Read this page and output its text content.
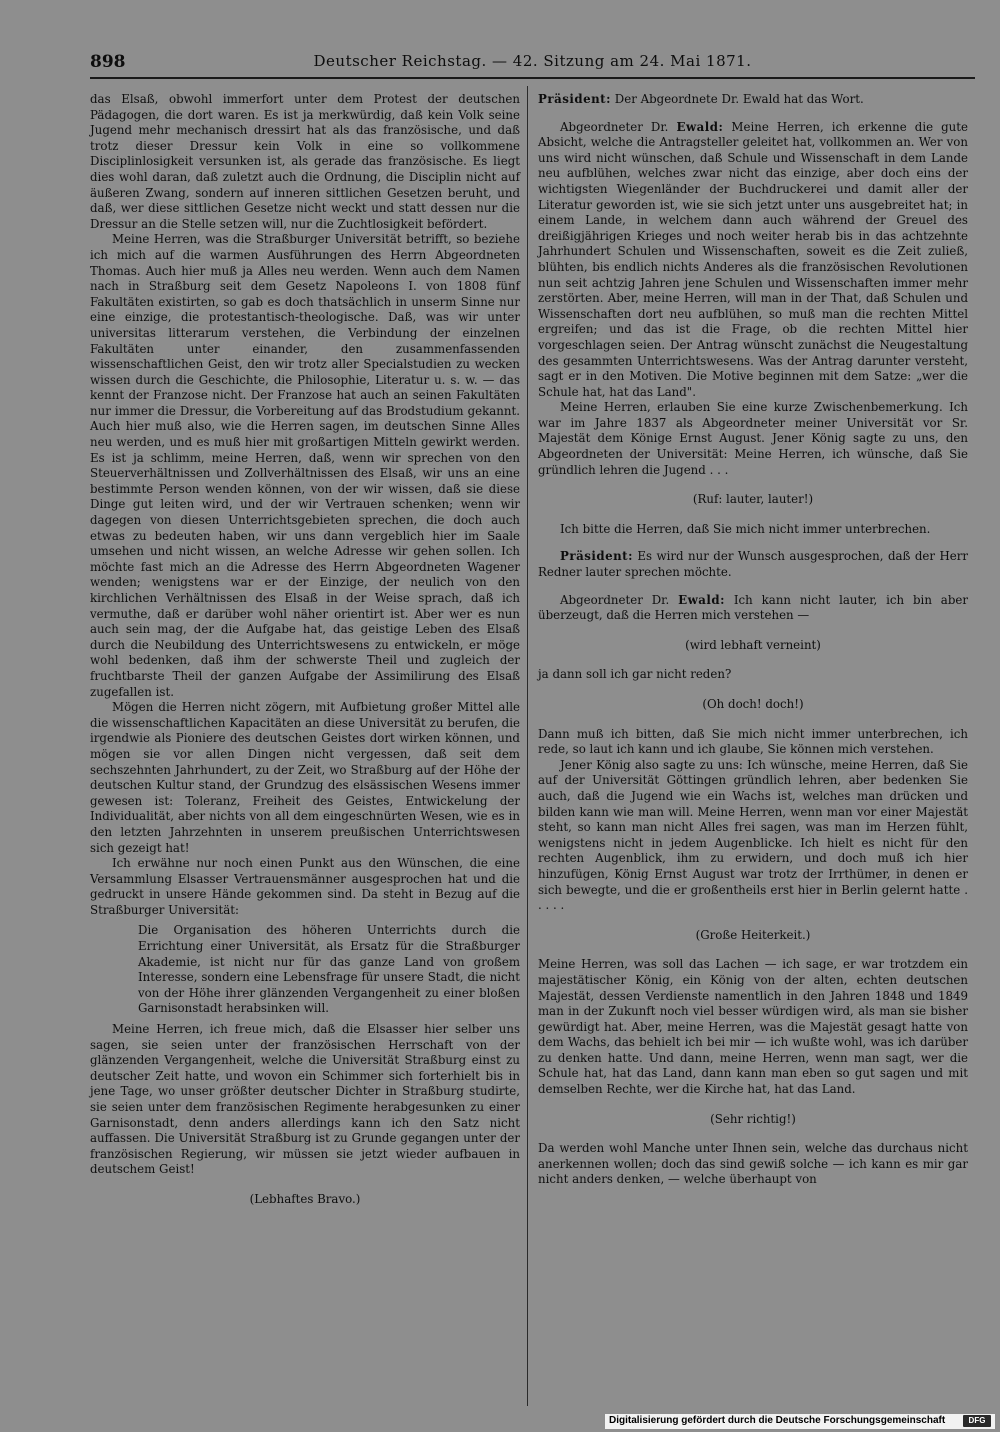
898	Deutscher Reichstag. — 42. Sitzung am 24. Mai 1871.

das Elsaß, obwohl immerfort unter dem Protest der deutschen Pädagogen, die dort waren. Es ist ja merkwürdig, daß kein Volk seine Jugend mehr mechanisch dressirt hat als das französische, und daß trotz dieser Dressur kein Volk in eine so vollkommene Disciplinlosigkeit versunken ist, als gerade das französische. Es liegt dies wohl daran, daß zuletzt auch die Ordnung, die Disciplin nicht auf äußeren Zwang, sondern auf inneren sittlichen Gesetzen beruht, und daß, wer diese sittlichen Gesetze nicht weckt und statt dessen nur die Dressur an die Stelle setzen will, nur die Zuchtlosigkeit befördert.

Meine Herren, was die Straßburger Universität betrifft, so beziehe ich mich auf die warmen Ausführungen des Herrn Abgeordneten Thomas. Auch hier muß ja Alles neu werden. Wenn auch dem Namen nach in Straßburg seit dem Gesetz Napoleons I. von 1808 fünf Fakultäten existirten, so gab es doch thatsächlich in unserm Sinne nur eine einzige, die protestantisch-theologische. Daß, was wir unter universitas litterarum verstehen, die Verbindung der einzelnen Fakultäten unter einander, den zusammenfassenden wissenschaftlichen Geist, den wir trotz aller Specialstudien zu wecken wissen durch die Geschichte, die Philosophie, Literatur u. s. w. — das kennt der Franzose nicht. Der Franzose hat auch an seinen Fakultäten nur immer die Dressur, die Vorbereitung auf das Brodstudium gekannt. Auch hier muß also, wie die Herren sagen, im deutschen Sinne Alles neu werden, und es muß hier mit großartigen Mitteln gewirkt werden. Es ist ja schlimm, meine Herren, daß, wenn wir sprechen von den Steuerverhältnissen und Zollverhältnissen des Elsaß, wir uns an eine bestimmte Person wenden können, von der wir wissen, daß sie diese Dinge gut leiten wird, und der wir Vertrauen schenken; wenn wir dagegen von diesen Unterrichtsgebieten sprechen, die doch auch etwas zu bedeuten haben, wir uns dann vergeblich hier im Saale umsehen und nicht wissen, an welche Adresse wir gehen sollen. Ich möchte fast mich an die Adresse des Herrn Abgeordneten Wagener wenden; wenigstens war er der Einzige, der neulich von den kirchlichen Verhältnissen des Elsaß in der Weise sprach, daß ich vermuthe, daß er darüber wohl näher orientirt ist. Aber wer es nun auch sein mag, der die Aufgabe hat, das geistige Leben des Elsaß durch die Neubildung des Unterrichtswesens zu entwickeln, er möge wohl bedenken, daß ihm der schwerste Theil und zugleich der fruchtbarste Theil der ganzen Aufgabe der Assimilirung des Elsaß zugefallen ist.

Mögen die Herren nicht zögern, mit Aufbietung großer Mittel alle die wissenschaftlichen Kapacitäten an diese Universität zu berufen, die irgendwie als Pioniere des deutschen Geistes dort wirken können, und mögen sie vor allen Dingen nicht vergessen, daß seit dem sechszehnten Jahrhundert, zu der Zeit, wo Straßburg auf der Höhe der deutschen Kultur stand, der Grundzug des elsässischen Wesens immer gewesen ist: Toleranz, Freiheit des Geistes, Entwickelung der Individualität, aber nichts von all dem eingeschnürten Wesen, wie es in den letzten Jahrzehnten in unserem preußischen Unterrichtswesen sich gezeigt hat!

Ich erwähne nur noch einen Punkt aus den Wünschen, die eine Versammlung Elsasser Vertrauensmänner ausgesprochen hat und die gedruckt in unsere Hände gekommen sind. Da steht in Bezug auf die Straßburger Universität:

Die Organisation des höheren Unterrichts durch die Errichtung einer Universität, als Ersatz für die Straßburger Akademie, ist nicht nur für das ganze Land von großem Interesse, sondern eine Lebensfrage für unsere Stadt, die nicht von der Höhe ihrer glänzenden Vergangenheit zu einer bloßen Garnisonstadt herabsinken will.

Meine Herren, ich freue mich, daß die Elsasser hier selber uns sagen, sie seien unter der französischen Herrschaft von der glänzenden Vergangenheit, welche die Universität Straßburg einst zu deutscher Zeit hatte, und wovon ein Schimmer sich forterhielt bis in jene Tage, wo unser größter deutscher Dichter in Straßburg studirte, sie seien unter dem französischen Regimente herabgesunken zu einer Garnisonstadt, denn anders allerdings kann ich den Satz nicht auffassen. Die Universität Straßburg ist zu Grunde gegangen unter der französischen Regierung, wir müssen sie jetzt wieder aufbauen in deutschem Geist!

(Lebhaftes Bravo.)

Präsident: Der Abgeordnete Dr. Ewald hat das Wort.

Abgeordneter Dr. Ewald: Meine Herren, ich erkenne die gute Absicht, welche die Antragsteller geleitet hat, vollkommen an. Wer von uns wird nicht wünschen, daß Schule und Wissenschaft in dem Lande neu aufblühen, welches zwar nicht das einzige, aber doch eins der wichtigsten Wiegenländer der Buchdruckerei und damit aller der Literatur geworden ist, wie sie sich jetzt unter uns ausgebreitet hat; in einem Lande, in welchem dann auch während der Greuel des dreißigjährigen Krieges und noch weiter herab bis in das achtzehnte Jahrhundert Schulen und Wissenschaften, soweit es die Zeit zuließ, blühten, bis endlich nichts Anderes als die französischen Revolutionen nun seit achtzig Jahren jene Schulen und Wissenschaften immer mehr zerstörten. Aber, meine Herren, will man in der That, daß Schulen und Wissenschaften dort neu aufblühen, so muß man die rechten Mittel ergreifen; und das ist die Frage, ob die rechten Mittel hier vorgeschlagen seien. Der Antrag wünscht zunächst die Neugestaltung des gesammten Unterrichtswesens. Was der Antrag darunter versteht, sagt er in den Motiven. Die Motive beginnen mit dem Satze: „wer die Schule hat, hat das Land".

Meine Herren, erlauben Sie eine kurze Zwischenbemerkung. Ich war im Jahre 1837 als Abgeordneter meiner Universität vor Sr. Majestät dem Könige Ernst August. Jener König sagte zu uns, den Abgeordneten der Universität: Meine Herren, ich wünsche, daß Sie gründlich lehren die Jugend . . .

(Ruf: lauter, lauter!)

Ich bitte die Herren, daß Sie mich nicht immer unterbrechen.

Präsident: Es wird nur der Wunsch ausgesprochen, daß der Herr Redner lauter sprechen möchte.

Abgeordneter Dr. Ewald: Ich kann nicht lauter, ich bin aber überzeugt, daß die Herren mich verstehen —

(wird lebhaft verneint)

ja dann soll ich gar nicht reden?

(Oh doch! doch!)

Dann muß ich bitten, daß Sie mich nicht immer unterbrechen, ich rede, so laut ich kann und ich glaube, Sie können mich verstehen.

Jener König also sagte zu uns: Ich wünsche, meine Herren, daß Sie auf der Universität Göttingen gründlich lehren, aber bedenken Sie auch, daß die Jugend wie ein Wachs ist, welches man drücken und bilden kann wie man will. Meine Herren, wenn man vor einer Majestät steht, so kann man nicht Alles frei sagen, was man im Herzen fühlt, wenigstens nicht in jedem Augenblicke. Ich hielt es nicht für den rechten Augenblick, ihm zu erwidern, und doch muß ich hier hinzufügen, König Ernst August war trotz der Irrthümer, in denen er sich bewegte, und die er großentheils erst hier in Berlin gelernt hatte . . . . .

(Große Heiterkeit.)

Meine Herren, was soll das Lachen — ich sage, er war trotzdem ein majestätischer König, ein König von der alten, echten deutschen Majestät, dessen Verdienste namentlich in den Jahren 1848 und 1849 man in der Zukunft noch viel besser würdigen wird, als man sie bisher gewürdigt hat. Aber, meine Herren, was die Majestät gesagt hatte von dem Wachs, das behielt ich bei mir — ich wußte wohl, was ich darüber zu denken hatte. Und dann, meine Herren, wenn man sagt, wer die Schule hat, hat das Land, dann kann man eben so gut sagen und mit demselben Rechte, wer die Kirche hat, hat das Land.

(Sehr richtig!)

Da werden wohl Manche unter Ihnen sein, welche das durchaus nicht anerkennen wollen; doch das sind gewiß solche — ich kann es mir gar nicht anders denken, — welche überhaupt von

Digitalisierung gefördert durch die Deutsche Forschungsgemeinschaft	DFG
